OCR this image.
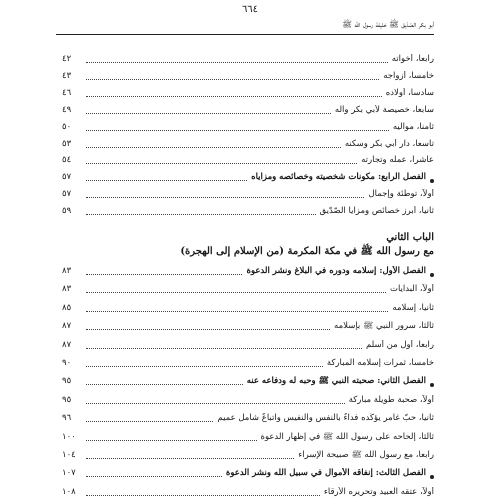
٦٦٤
أبو بكر الصّدّيق ﷺ خليفة رسول الله ﷺ
رابعاً، أخواته
٤٢
خامساً، أزواجه
٤٣
سادساً، أولاده
٤٦
سابعاً، خصيصة لأبي بكر وآله
٤٩
ثامناً، مواليه
٥٠
تاسعاً، دار أبي بكر وسكنه
٥٣
عاشراً، عمله وتجارته
٥٤
الفصل الرابع: مكونات شخصيته وخصائصه ومزاياه
٥٧
أولاً، توطئة وإجمال
٥٧
ثانياً، أبرز خصائص ومزايا الصّدّيق
٥٩
الباب الثاني
مع رسول الله ﷺ في مكة المكرمة (من الإسلام إلى الهجرة)
الفصل الأول: إسلامه ودوره في البلاغ ونشر الدعوة
٨٣
أولاً، البدايات
٨٣
ثانياً، إسلامه
٨٥
ثالثاً، سرور النبي ﷺ بإسلامه
٨٧
رابعاً، أول من أسلم
٨٧
خامساً، ثمرات إسلامه المباركة
٩٠
الفصل الثاني: صحبته النبي ﷺ وحبه له ودفاعه عنه
٩٥
أولاً، صحبة طويلة مباركة
٩٥
ثانياً، حبّ غامر يؤكّده فداءٌ بالنفس والنفيس واتباعٌ شامل عميم
٩٦
ثالثاً، إلحاحه على رسول الله ﷺ في إظهار الدعوة
١٠٠
رابعاً، مع رسول الله ﷺ صبيحة الإسراء
١٠٤
الفصل الثالث: إنفاقه الأموال في سبيل الله ونشر الدعوة
١٠٧
أولاً، عتقه العبيد وتحريره الأرقاء
١٠٨
